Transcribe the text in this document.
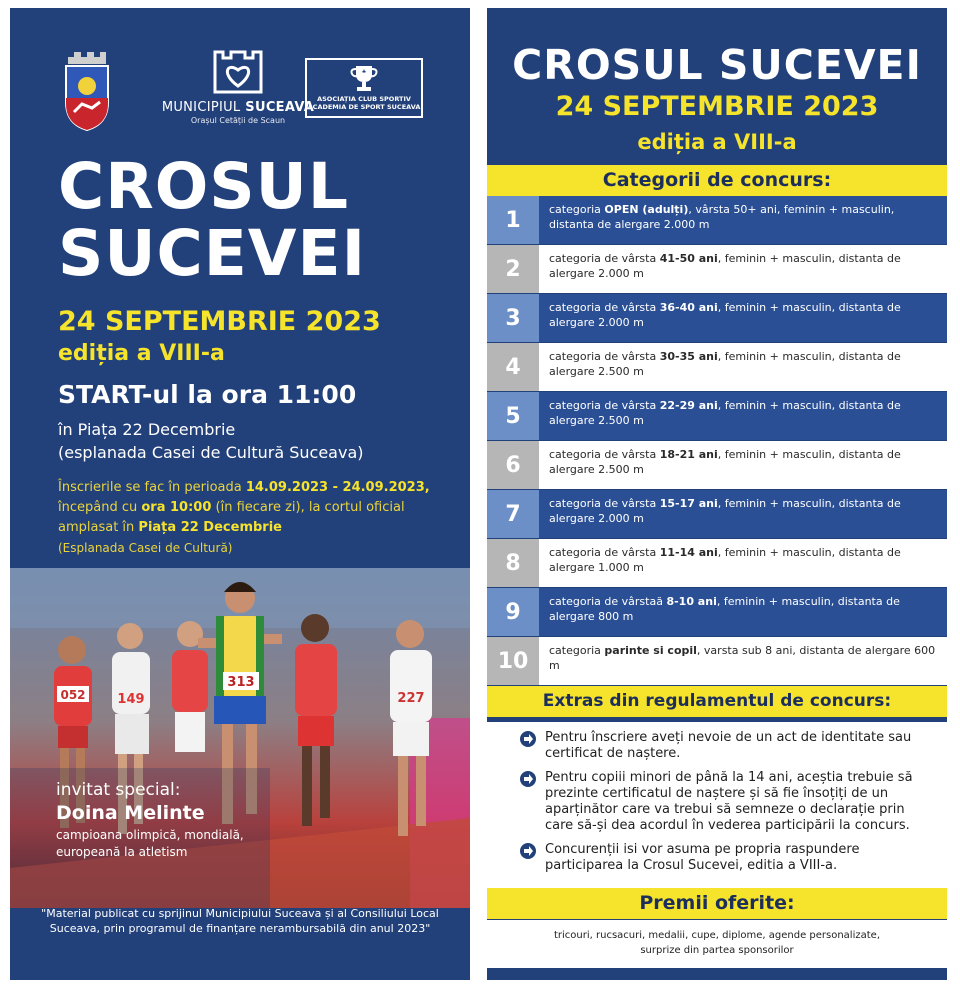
MUNICIPIUL SUCEAVA
Orașul Cetății de Scaun
ASOCIAȚIA CLUB SPORTIV
ACADEMIA DE SPORT SUCEAVA
CROSUL
SUCEVEI
24 SEPTEMBRIE 2023
ediția a VIII-a
START-ul la ora 11:00
în Piața 22 Decembrie
(esplanada Casei de Cultură Suceava)
Înscrierile se fac în perioada 14.09.2023 - 24.09.2023,
începând cu ora 10:00 (în fiecare zi), la cortul oficial
amplasat în Piața 22 Decembrie
(Esplanada Casei de Cultură)
052 149
313
227
invitat special:
Doina Melinte
campioana olimpică, mondială,
europeană la atletism
"Material publicat cu sprijinul Municipiului Suceava și al Consiliului Local Suceava, prin programul de finanțare nerambursabilă din anul 2023"
CROSUL SUCEVEI
24 SEPTEMBRIE 2023
ediția a VIII-a
Categorii de concurs:
1	categoria OPEN (adulți), vârsta 50+ ani, feminin + masculin, distanta de alergare 2.000 m
2	categoria de vârsta 41-50 ani, feminin + masculin, distanta de alergare 2.000 m
3	categoria de vârsta 36-40 ani, feminin + masculin, distanta de alergare 2.000 m
4	categoria de vârsta 30-35 ani, feminin + masculin, distanta de alergare 2.500 m
5	categoria de vârsta 22-29 ani, feminin + masculin, distanta de alergare 2.500 m
6	categoria de vârsta 18-21 ani, feminin + masculin, distanta de alergare 2.500 m
7	categoria de vârsta 15-17 ani, feminin + masculin, distanta de alergare 2.000 m
8	categoria de vârsta 11-14 ani, feminin + masculin, distanta de alergare 1.000 m
9	categoria de vârstaă 8-10 ani, feminin + masculin, distanta de alergare 800 m
10	categoria parinte si copil, varsta sub 8 ani, distanta de alergare 600 m
Extras din regulamentul de concurs:
Pentru înscriere aveți nevoie de un act de identitate sau certificat de naștere.
Pentru copiii minori de până la 14 ani, aceștia trebuie să prezinte certificatul de naștere și să fie însoțiți de un aparținător care va trebui să semneze o declarație prin care să-și dea acordul în vederea participării la concurs.
Concurenții isi vor asuma pe propria raspundere participarea la Crosul Sucevei, editia a VIII-a.
Premii oferite:
tricouri, rucsacuri, medalii, cupe, diplome, agende personalizate,
surprize din partea sponsorilor
